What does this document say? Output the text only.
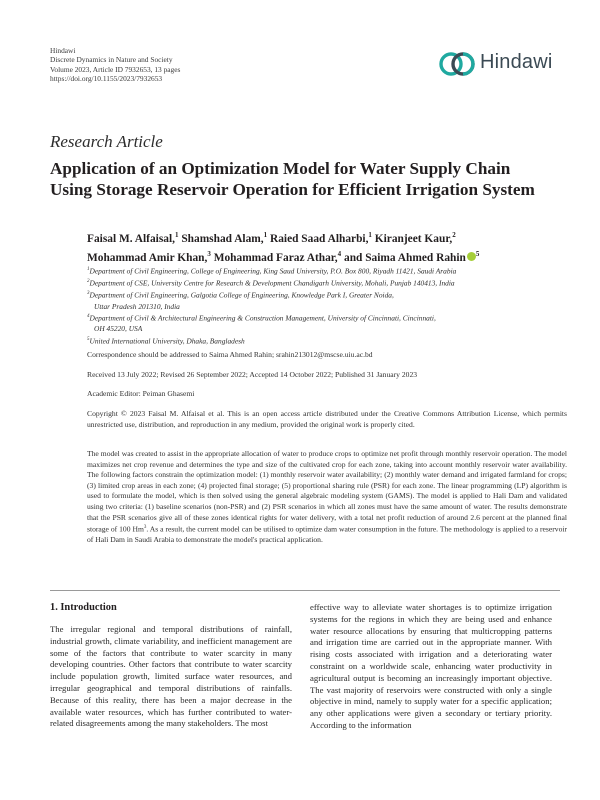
Hindawi
Discrete Dynamics in Nature and Society
Volume 2023, Article ID 7932653, 13 pages
https://doi.org/10.1155/2023/7932653
Hindawi
Research Article
Application of an Optimization Model for Water Supply Chain
Using Storage Reservoir Operation for Efficient Irrigation System
Faisal M. Alfaisal,$^1$ Shamshad Alam,$^1$ Raied Saad Alharbi,$^1$ Kiranjeet Kaur,$^2$
Mohammad Amir Khan,$^3$ Mohammad Faraz Athar,$^4$ and Saima Ahmed Rahin $^5$
$^1$Department of Civil Engineering, College of Engineering, King Saud University, P.O. Box 800, Riyadh 11421, Saudi Arabia
$^2$Department of CSE, University Centre for Research & Development Chandigarh University, Mohali, Punjab 140413, India
$^3$Department of Civil Engineering, Galgotia College of Engineering, Knowledge Park I, Greater Noida,
Uttar Pradesh 201310, India
$^4$Department of Civil & Architectural Engineering & Construction Management, University of Cincinnati, Cincinnati,
OH 45220, USA
$^5$United International University, Dhaka, Bangladesh
Correspondence should be addressed to Saima Ahmed Rahin; srahin213012@mscse.uiu.ac.bd
Received 13 July 2022; Revised 26 September 2022; Accepted 14 October 2022; Published 31 January 2023
Academic Editor: Peiman Ghasemi
Copyright © 2023 Faisal M. Alfaisal et al. This is an open access article distributed under the Creative Commons Attribution License, which permits unrestricted use, distribution, and reproduction in any medium, provided the original work is properly cited.
The model was created to assist in the appropriate allocation of water to produce crops to optimize net profit through monthly reservoir operation. The model maximizes net crop revenue and determines the type and size of the cultivated crop for each zone, taking into account monthly reservoir water availability. The following factors constrain the optimization model: (1) monthly reservoir water availability; (2) monthly water demand and irrigated farmland for crops; (3) limited crop areas in each zone; (4) projected final storage; (5) proportional sharing rule (PSR) for each zone. The linear programming (LP) algorithm is used to formulate the model, which is then solved using the general algebraic modeling system (GAMS). The model is applied to Hali Dam and validated using two criteria: (1) baseline scenarios (non-PSR) and (2) PSR scenarios in which all zones must have the same amount of water. The results demonstrate that the PSR scenarios give all of these zones identical rights for water delivery, with a total net profit reduction of around 2.6 percent at the planned final storage of 100 Hm$^3$. As a result, the current model can be utilised to optimize dam water consumption in the future. The methodology is applied to a reservoir of Hali Dam in Saudi Arabia to demonstrate the model's practical application.
1. Introduction
The irregular regional and temporal distributions of rainfall, industrial growth, climate variability, and inefficient management are some of the factors that contribute to water scarcity in many developing countries. Other factors that contribute to water scarcity include population growth, limited surface water resources, and irregular geographical and temporal distributions of rainfalls. Because of this reality, there has been a major decrease in the available water resources, which has further contributed to water-related disagreements among the many stakeholders. The most
effective way to alleviate water shortages is to optimize irrigation systems for the regions in which they are being used and enhance water resource allocations by ensuring that multicropping patterns and irrigation time are carried out in the appropriate manner. With rising costs associated with irrigation and a deteriorating water constraint on a worldwide scale, enhancing water productivity in agricultural output is becoming an increasingly important objective. The vast majority of reservoirs were constructed with only a single objective in mind, namely to supply water for a specific application; any other applications were given a secondary or tertiary priority. According to the information
